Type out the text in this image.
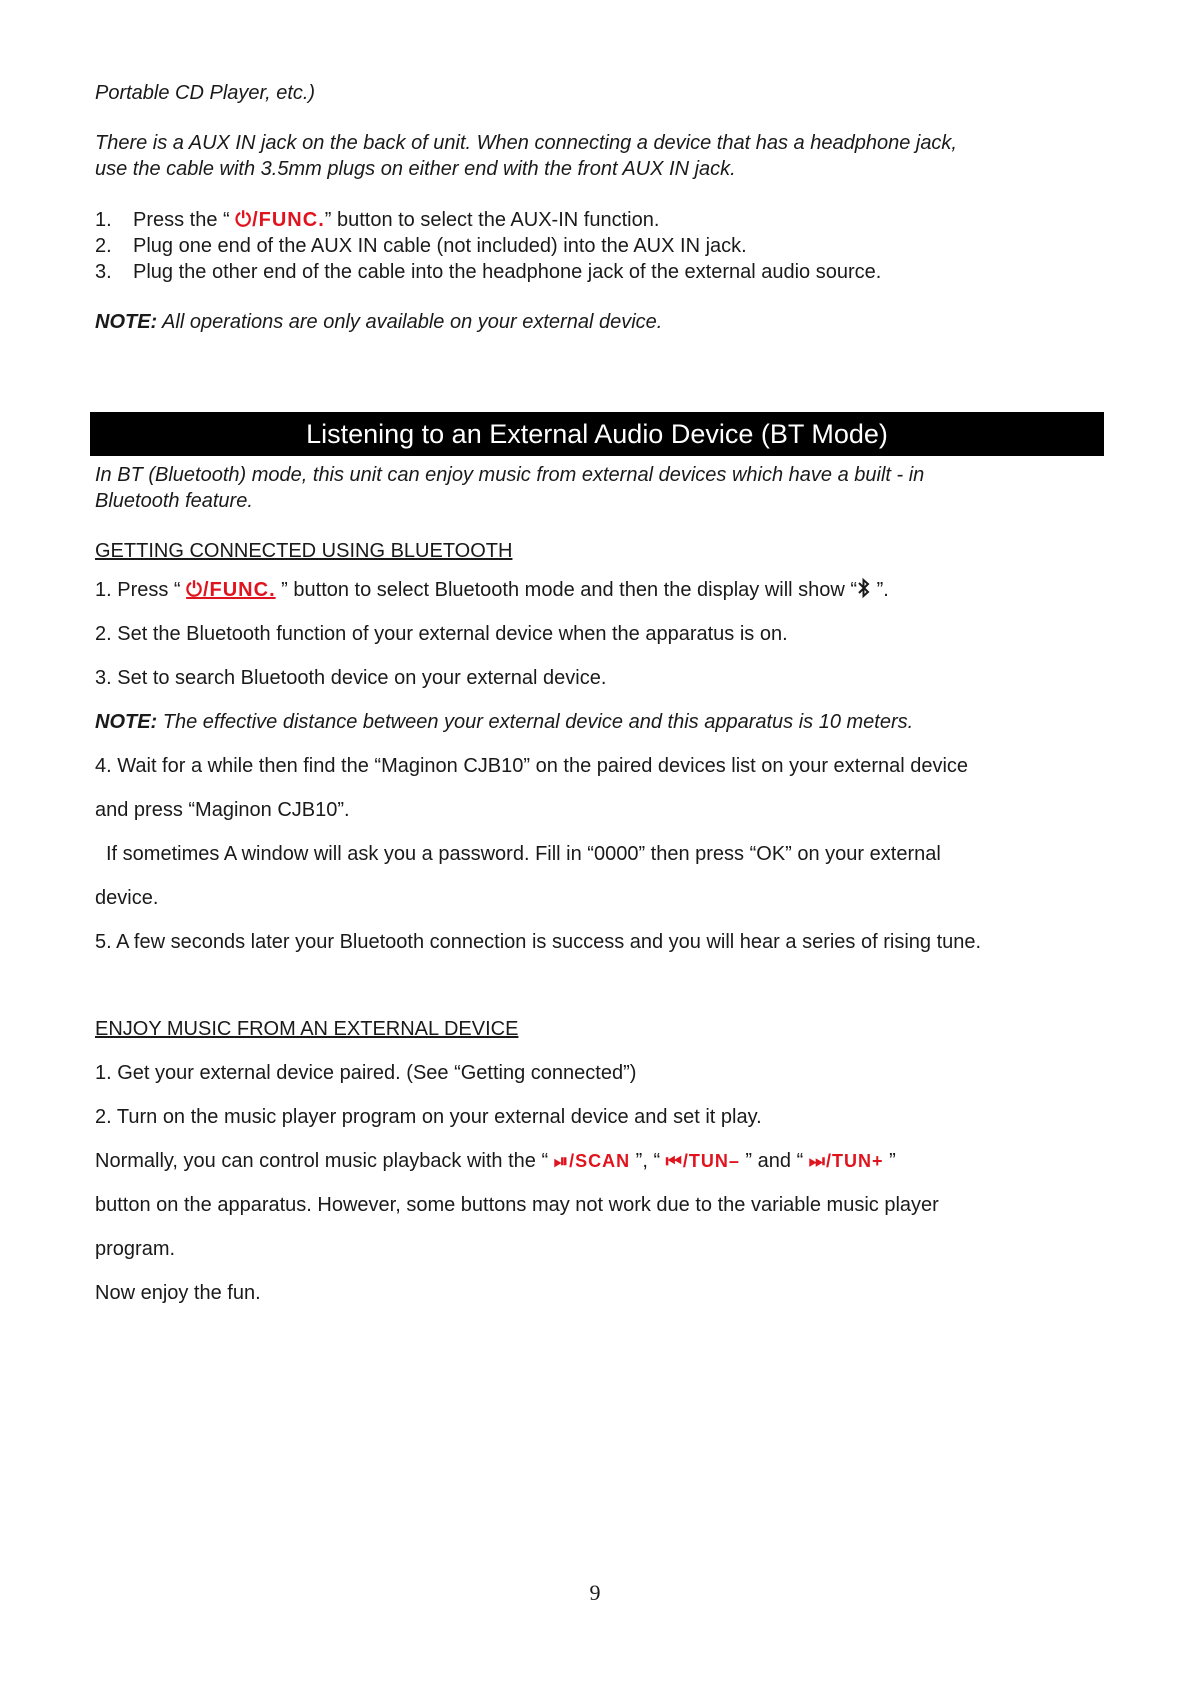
Portable CD Player, etc.)
There is a AUX IN jack on the back of unit. When connecting a device that has a headphone jack,
use the cable with 3.5mm plugs on either end with the front AUX IN jack.
1. Press the “ ⏻/FUNC.” button to select the AUX-IN function.
2. Plug one end of the AUX IN cable (not included) into the AUX IN jack.
3. Plug the other end of the cable into the headphone jack of the external audio source.
NOTE: All operations are only available on your external device.
Listening to an External Audio Device (BT Mode)
In BT (Bluetooth) mode, this unit can enjoy music from external devices which have a built - in
Bluetooth feature.
GETTING CONNECTED USING BLUETOOTH
1. Press “ ⏻/FUNC. ” button to select Bluetooth mode and then the display will show “ ”.
2. Set the Bluetooth function of your external device when the apparatus is on.
3. Set to search Bluetooth device on your external device.
NOTE: The effective distance between your external device and this apparatus is 10 meters.
4. Wait for a while then find the “Maginon CJB10” on the paired devices list on your external device
and press “Maginon CJB10”.
If sometimes A window will ask you a password. Fill in “0000” then press “OK” on your external
device.
5. A few seconds later your Bluetooth connection is success and you will hear a series of rising tune.
ENJOY MUSIC FROM AN EXTERNAL DEVICE
1. Get your external device paired. (See “Getting connected”)
2. Turn on the music player program on your external device and set it play.
Normally, you can control music playback with the “ ⏯/SCAN ”, “ ⏮/TUN– ” and “ ⏭/TUN+ ”
button on the apparatus. However, some buttons may not work due to the variable music player
program.
Now enjoy the fun.
9
